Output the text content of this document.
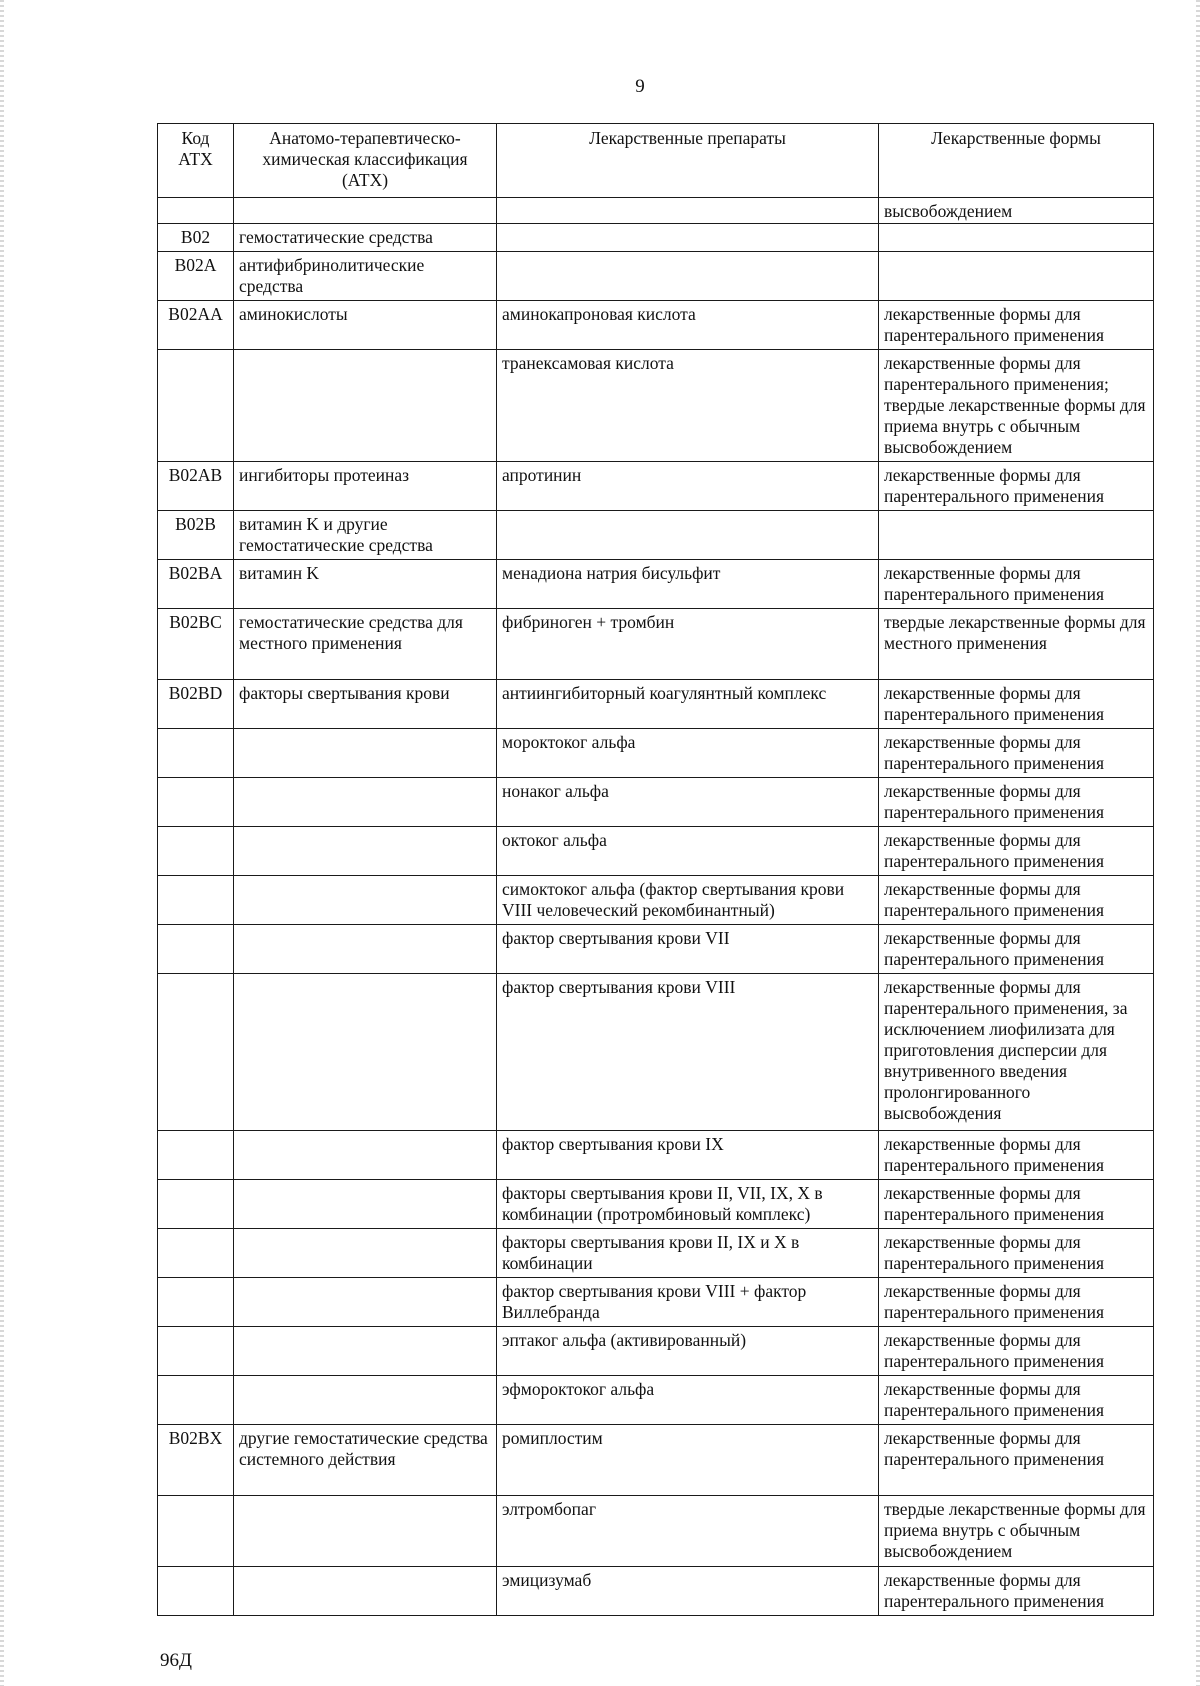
9
Код АТХ	Анатомо-терапевтическо-химическая классификация (АТХ)	Лекарственные препараты	Лекарственные формы
			высвобождением
B02	гемостатические средства		
B02A	антифибринолитические средства		
B02AA	аминокислоты	аминокапроновая кислота	лекарственные формы для парентерального применения
		транексамовая кислота	лекарственные формы для парентерального применения; твердые лекарственные формы для приема внутрь с обычным высвобождением
B02AB	ингибиторы протеиназ	апротинин	лекарственные формы для парентерального применения
B02B	витамин K и другие гемостатические средства		
B02BA	витамин K	менадиона натрия бисульфит	лекарственные формы для парентерального применения
B02BC	гемостатические средства для местного применения	фибриноген + тромбин	твердые лекарственные формы для местного применения
B02BD	факторы свертывания крови	антиингибиторный коагулянтный комплекс	лекарственные формы для парентерального применения
		мороктоког альфа	лекарственные формы для парентерального применения
		нонаког альфа	лекарственные формы для парентерального применения
		октоког альфа	лекарственные формы для парентерального применения
		симоктоког альфа (фактор свертывания крови VIII человеческий рекомбинантный)	лекарственные формы для парентерального применения
		фактор свертывания крови VII	лекарственные формы для парентерального применения
		фактор свертывания крови VIII	лекарственные формы для парентерального применения, за исключением лиофилизата для приготовления дисперсии для внутривенного введения пролонгированного высвобождения
		фактор свертывания крови IX	лекарственные формы для парентерального применения
		факторы свертывания крови II, VII, IX, X в комбинации (протромбиновый комплекс)	лекарственные формы для парентерального применения
		факторы свертывания крови II, IX и X в комбинации	лекарственные формы для парентерального применения
		фактор свертывания крови VIII + фактор Виллебранда	лекарственные формы для парентерального применения
		эптаког альфа (активированный)	лекарственные формы для парентерального применения
		эфмороктоког альфа	лекарственные формы для парентерального применения
B02BX	другие гемостатические средства системного действия	ромиплостим	лекарственные формы для парентерального применения
		элтромбопаг	твердые лекарственные формы для приема внутрь с обычным высвобождением
		эмицизумаб	лекарственные формы для парентерального применения
96Д
